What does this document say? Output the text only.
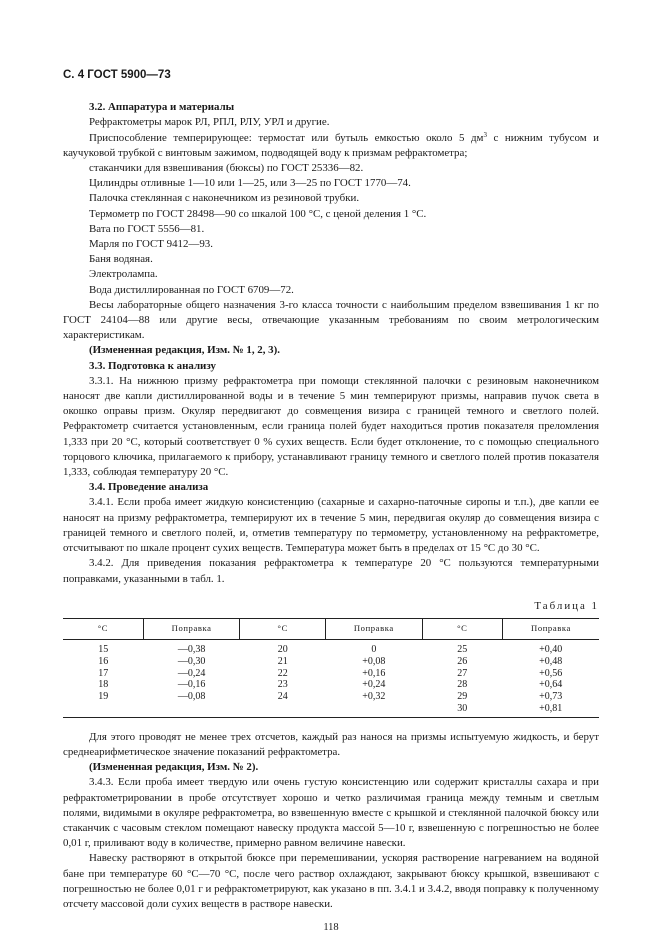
С. 4 ГОСТ 5900—73

3.2. Аппаратура и материалы

Рефрактометры марок РЛ, РПЛ, РЛУ, УРЛ и другие.

Приспособление темперирующее: термостат или бутыль емкостью около 5 $дм^3$ с нижним тубусом и каучуковой трубкой с винтовым зажимом, подводящей воду к призмам рефрактометра;

стаканчики для взвешивания (бюксы) по ГОСТ 25336—82.

Цилиндры отливные 1—10 или 1—25, или 3—25 по ГОСТ 1770—74.

Палочка стеклянная с наконечником из резиновой трубки.

Термометр по ГОСТ 28498—90 со шкалой 100 °С, с ценой деления 1 °С.

Вата по ГОСТ 5556—81.

Марля по ГОСТ 9412—93.

Баня водяная.

Электролампа.

Вода дистиллированная по ГОСТ 6709—72.

Весы лабораторные общего назначения 3-го класса точности с наибольшим пределом взвешивания 1 кг по ГОСТ 24104—88 или другие весы, отвечающие указанным требованиям по своим метрологическим характеристикам.

(Измененная редакция, Изм. № 1, 2, 3).

3.3. Подготовка к анализу

3.3.1. На нижнюю призму рефрактометра при помощи стеклянной палочки с резиновым наконечником наносят две капли дистиллированной воды и в течение 5 мин темперируют призмы, направив пучок света в окошко оправы призм. Окуляр передвигают до совмещения визира с границей темного и светлого полей. Рефрактометр считается установленным, если граница полей будет находиться против показателя преломления 1,333 при 20 °С, который соответствует 0 % сухих веществ. Если будет отклонение, то с помощью специального торцового ключика, прилагаемого к прибору, устанавливают границу темного и светлого полей против показателя 1,333, соблюдая температуру 20 °С.

3.4. Проведение анализа

3.4.1. Если проба имеет жидкую консистенцию (сахарные и сахарно-паточные сиропы и т.п.), две капли ее наносят на призму рефрактометра, темперируют их в течение 5 мин, передвигая окуляр до совмещения визира с границей темного и светлого полей, и, отметив температуру по термометру, установленному на рефрактометре, отсчитывают по шкале процент сухих веществ. Температура может быть в пределах от 15 °С до 30 °С.

3.4.2. Для приведения показания рефрактометра к температуре 20 °С пользуются температурными поправками, указанными в табл. 1.

Таблица 1
°С	Поправка	°С	Поправка	°С	Поправка
15	—0,38	20	0	25	+0,40
16	—0,30	21	+0,08	26	+0,48
17	—0,24	22	+0,16	27	+0,56
18	—0,16	23	+0,24	28	+0,64
19	—0,08	24	+0,32	29	+0,73
				30	+0,81

Для этого проводят не менее трех отсчетов, каждый раз нанося на призмы испытуемую жидкость, и берут среднеарифметическое значение показаний рефрактометра.

(Измененная редакция, Изм. № 2).

3.4.3. Если проба имеет твердую или очень густую консистенцию или содержит кристаллы сахара и при рефрактометрировании в пробе отсутствует хорошо и четко различимая граница между темным и светлым полями, видимыми в окуляре рефрактометра, во взвешенную вместе с крышкой и стеклянной палочкой бюксу или стаканчик с часовым стеклом помещают навеску продукта массой 5—10 г, взвешенную с погрешностью не более 0,01 г, приливают воду в количестве, примерно равном величине навески.

Навеску растворяют в открытой бюксе при перемешивании, ускоряя растворение нагреванием на водяной бане при температуре 60 °С—70 °С, после чего раствор охлаждают, закрывают бюксу крышкой, взвешивают с погрешностью не более 0,01 г и рефрактометрируют, как указано в пп. 3.4.1 и 3.4.2, вводя поправку к полученному отсчету массовой доли сухих веществ в растворе навески.

118
